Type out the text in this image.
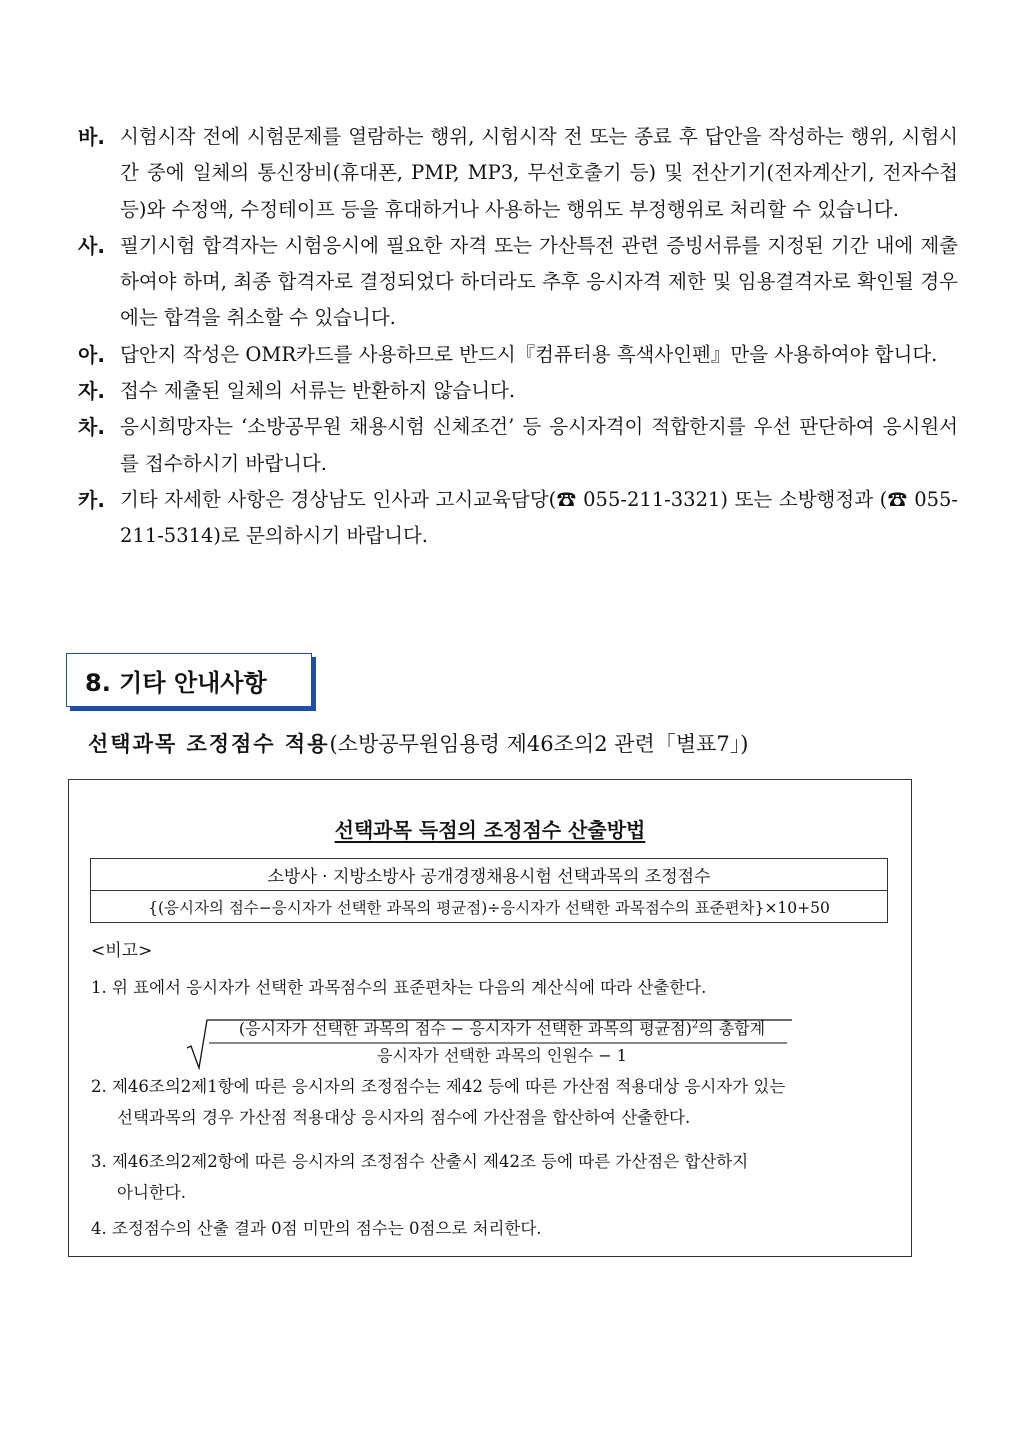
바. 시험시작 전에 시험문제를 열람하는 행위, 시험시작 전 또는 종료 후 답안을 작성하는 행위, 시험시간 중에 일체의 통신장비(휴대폰, PMP, MP3, 무선호출기 등) 및 전산기기(전자계산기, 전자수첩 등)와 수정액, 수정테이프 등을 휴대하거나 사용하는 행위도 부정행위로 처리할 수 있습니다.
사. 필기시험 합격자는 시험응시에 필요한 자격 또는 가산특전 관련 증빙서류를 지정된 기간 내에 제출하여야 하며, 최종 합격자로 결정되었다 하더라도 추후 응시자격 제한 및 임용결격자로 확인될 경우에는 합격을 취소할 수 있습니다.
아. 답안지 작성은 OMR카드를 사용하므로 반드시『컴퓨터용 흑색사인펜』만을 사용하여야 합니다.
자. 접수 제출된 일체의 서류는 반환하지 않습니다.
차. 응시희망자는 ‘소방공무원 채용시험 신체조건’ 등 응시자격이 적합한지를 우선 판단하여 응시원서를 접수하시기 바랍니다.
카. 기타 자세한 사항은 경상남도 인사과 고시교육담당(☎ 055-211-3321) 또는 소방행정과 (☎ 055-211-5314)로 문의하시기 바랍니다.
8. 기타 안내사항
선택과목 조정점수 적용(소방공무원임용령 제46조의2 관련「별표7」)
선택과목 득점의 조정점수 산출방법
소방사 · 지방소방사 공개경쟁채용시험 선택과목의 조정점수
{(응시자의 점수−응시자가 선택한 과목의 평균점)÷응시자가 선택한 과목점수의 표준편차}×10+50
<비고>
1. 위 표에서 응시자가 선택한 과목점수의 표준편차는 다음의 계산식에 따라 산출한다.
(응시자가 선택한 과목의 점수 − 응시자가 선택한 과목의 평균점)$^2$의 총합계
응시자가 선택한 과목의 인원수 − 1
2. 제46조의2제1항에 따른 응시자의 조정점수는 제42 등에 따른 가산점 적용대상 응시자가 있는
선택과목의 경우 가산점 적용대상 응시자의 점수에 가산점을 합산하여 산출한다.
3. 제46조의2제2항에 따른 응시자의 조정점수 산출시 제42조 등에 따른 가산점은 합산하지
아니한다.
4. 조정점수의 산출 결과 0점 미만의 점수는 0점으로 처리한다.
